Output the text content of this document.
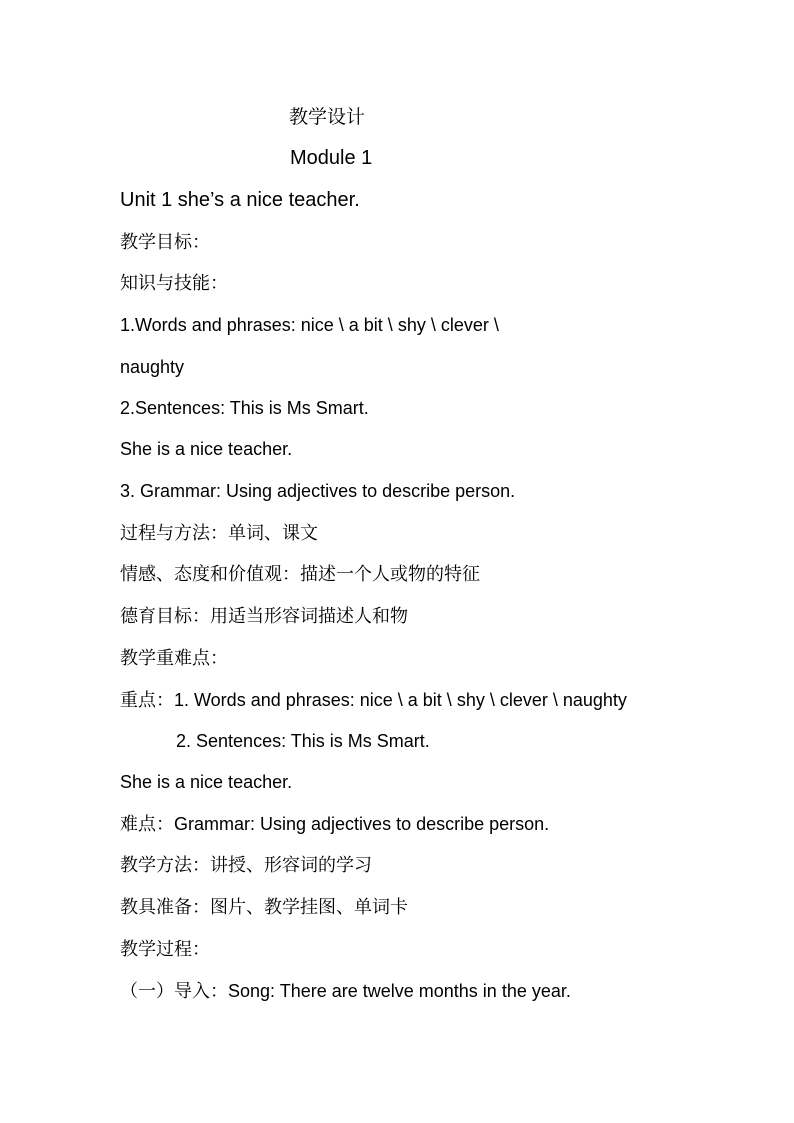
教学设计
Module 1
Unit 1 she’s a nice teacher.
教学目标：
知识与技能：
1.Words and phrases: nice \ a bit \ shy \ clever \
naughty
2.Sentences: This is Ms Smart.
She is a nice teacher.
3. Grammar: Using adjectives to describe person.
过程与方法：单词、课文
情感、态度和价值观：描述一个人或物的特征
德育目标：用适当形容词描述人和物
教学重难点：
重点：1. Words and phrases: nice \ a bit \ shy \ clever \ naughty
2. Sentences: This is Ms Smart.
She is a nice teacher.
难点：Grammar: Using adjectives to describe person.
教学方法：讲授、形容词的学习
教具准备：图片、教学挂图、单词卡
教学过程：
（一）导入：Song: There are twelve months in the year.
